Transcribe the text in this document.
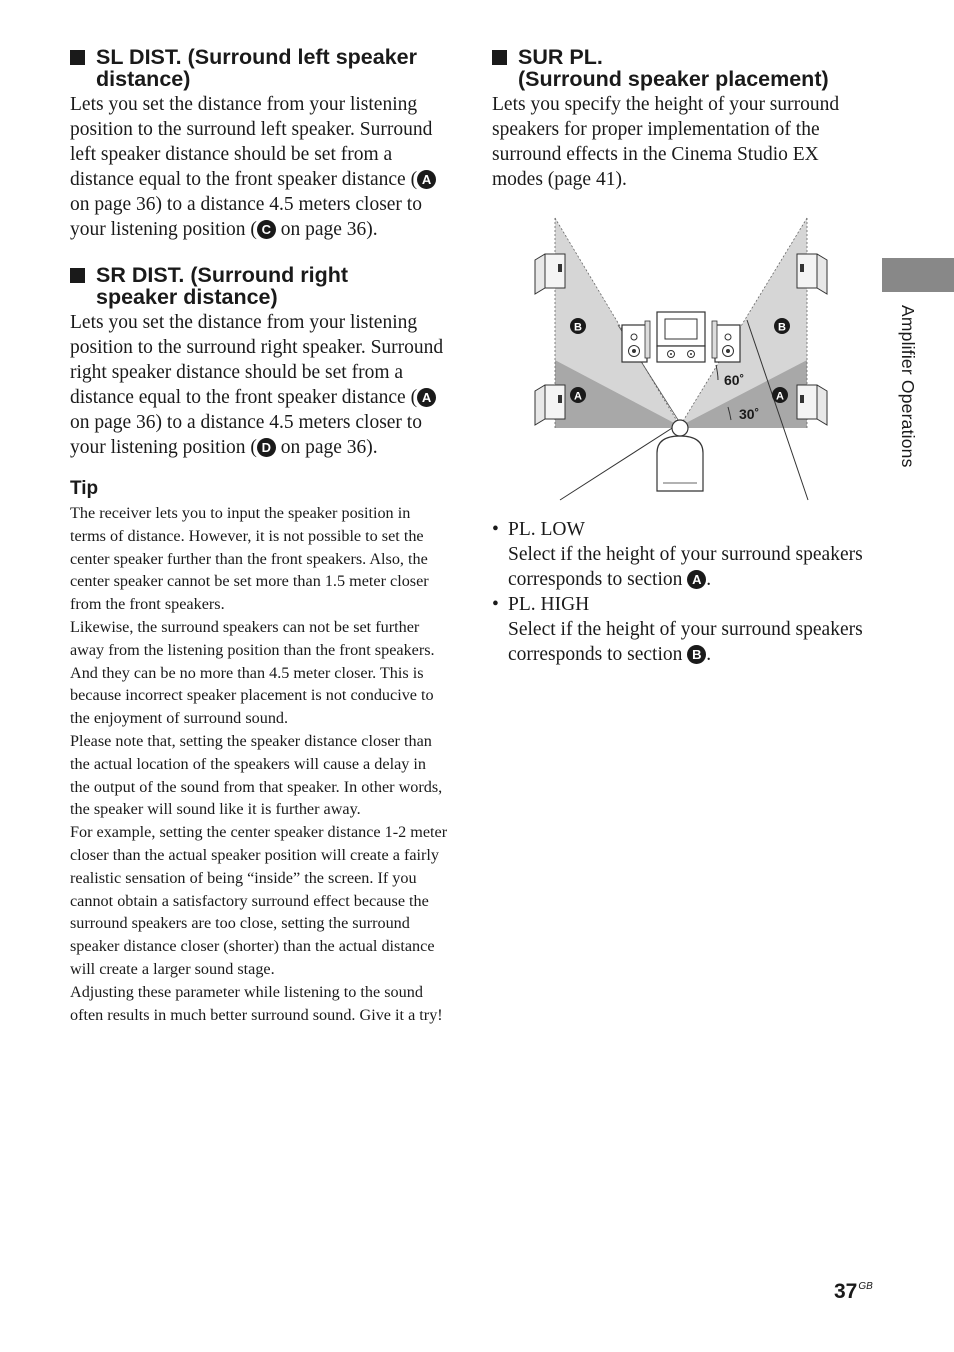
SL DIST. (Surround left speaker
distance)

Lets you set the distance from your listening position to the surround left speaker. Surround left speaker distance should be set from a distance equal to the front speaker distance ( A on page 36) to a distance 4.5 meters closer to your listening position ( C on page 36).

SR DIST. (Surround right
speaker distance)

Lets you set the distance from your listening position to the surround right speaker. Surround right speaker distance should be set from a distance equal to the front speaker distance ( A on page 36) to a distance 4.5 meters closer to your listening position ( D on page 36).

Tip

The receiver lets you to input the speaker position in terms of distance. However, it is not possible to set the center speaker further than the front speakers. Also, the center speaker cannot be set more than 1.5 meter closer from the front speakers.

Likewise, the surround speakers can not be set further away from the listening position than the front speakers. And they can be no more than 4.5 meter closer. This is because incorrect speaker placement is not conducive to the enjoyment of surround sound.

Please note that, setting the speaker distance closer than the actual location of the speakers will cause a delay in the output of the sound from that speaker. In other words, the speaker will sound like it is further away.

For example, setting the center speaker distance 1-2 meter closer than the actual speaker position will create a fairly realistic sensation of being “inside” the screen. If you cannot obtain a satisfactory surround effect because the surround speakers are too close, setting the surround speaker distance closer (shorter) than the actual distance will create a larger sound stage.

Adjusting these parameter while listening to the sound often results in much better surround sound. Give it a try!

SUR PL.
(Surround speaker placement)

Lets you specify the height of your surround speakers for proper implementation of the surround effects in the Cinema Studio EX modes (page 41).

• PL. LOW
Select if the height of your surround speakers corresponds to section A .
• PL. HIGH
Select if the height of your surround speakers corresponds to section B .
60˚
30˚
B	B
A	A	Amplifier Operations
$37^{GB}$
